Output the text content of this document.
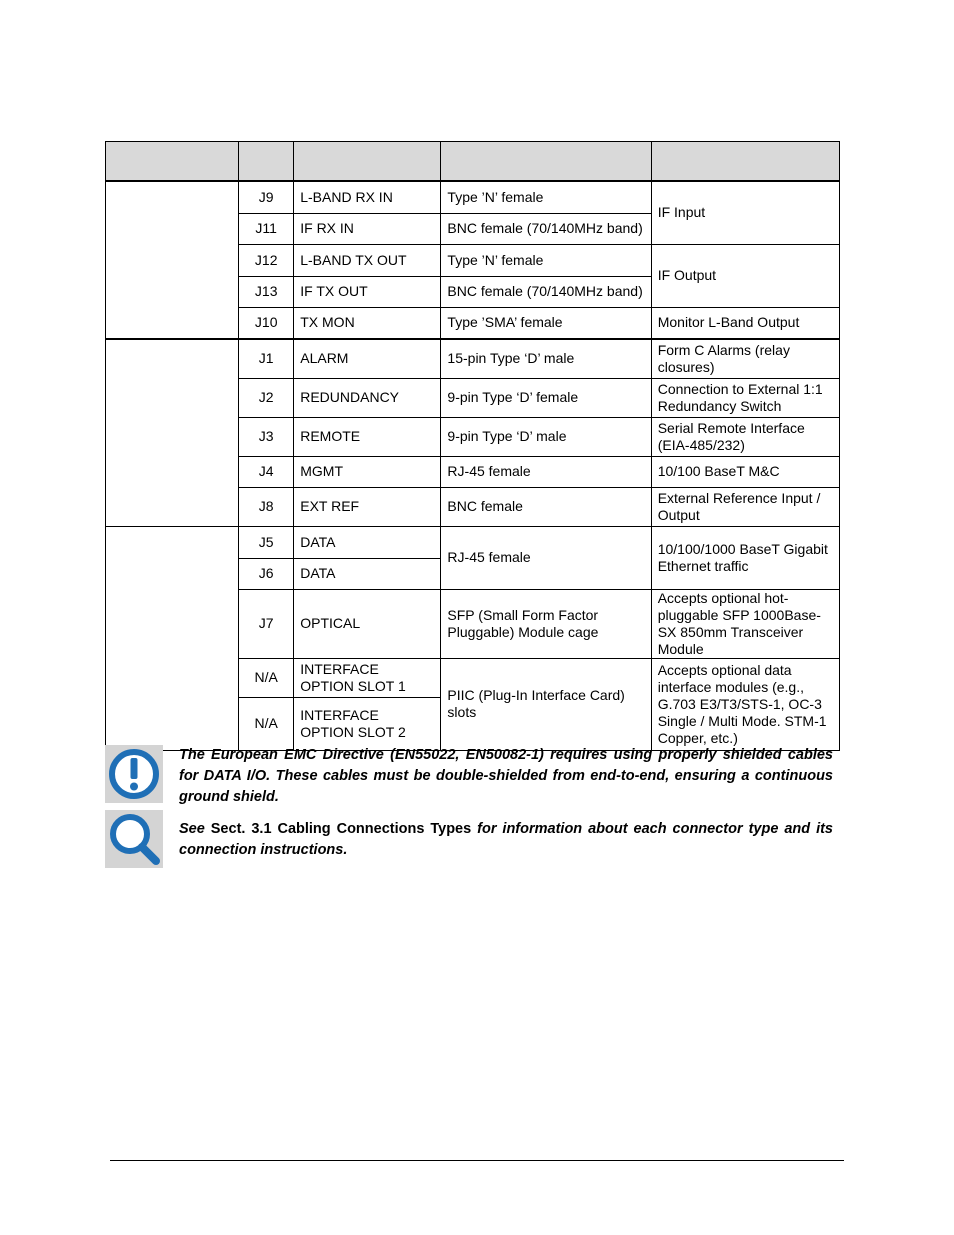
	J9	L-BAND RX IN	Type ’N’ female	IF Input
	J11	IF RX IN	BNC female (70/140MHz band)	
	J12	L-BAND TX OUT	Type ’N’ female	IF Output
	J13	IF TX OUT	BNC female (70/140MHz band)	
	J10	TX MON	Type ’SMA’ female	Monitor L-Band Output
	J1	ALARM	15-pin Type ‘D’ male	Form C Alarms (relay closures)
	J2	REDUNDANCY	9-pin Type ‘D’ female	Connection to External 1:1 Redundancy Switch
	J3	REMOTE	9-pin Type ‘D’ male	Serial Remote Interface (EIA-485/232)
	J4	MGMT	RJ-45 female	10/100 BaseT M&C
	J8	EXT REF	BNC female	External Reference Input / Output
	J5	DATA	RJ-45 female	10/100/1000 BaseT Gigabit Ethernet traffic
	J6	DATA		
	J7	OPTICAL	SFP (Small Form Factor Pluggable) Module cage	Accepts optional hot-pluggable SFP 1000Base-SX 850mm Transceiver Module
	N/A	INTERFACE OPTION SLOT 1	PIIC (Plug-In Interface Card) slots	Accepts optional data interface modules (e.g., G.703 E3/T3/STS-1, OC-3 Single / Multi Mode. STM-1 Copper, etc.)
	N/A	INTERFACE OPTION SLOT 2		
The European EMC Directive (EN55022, EN50082-1) requires using properly shielded cables for DATA I/O. These cables must be double-shielded from end-to-end, ensuring a continuous ground shield.
See Sect. 3.1 Cabling Connections Types for information about each connector type and its connection instructions.
